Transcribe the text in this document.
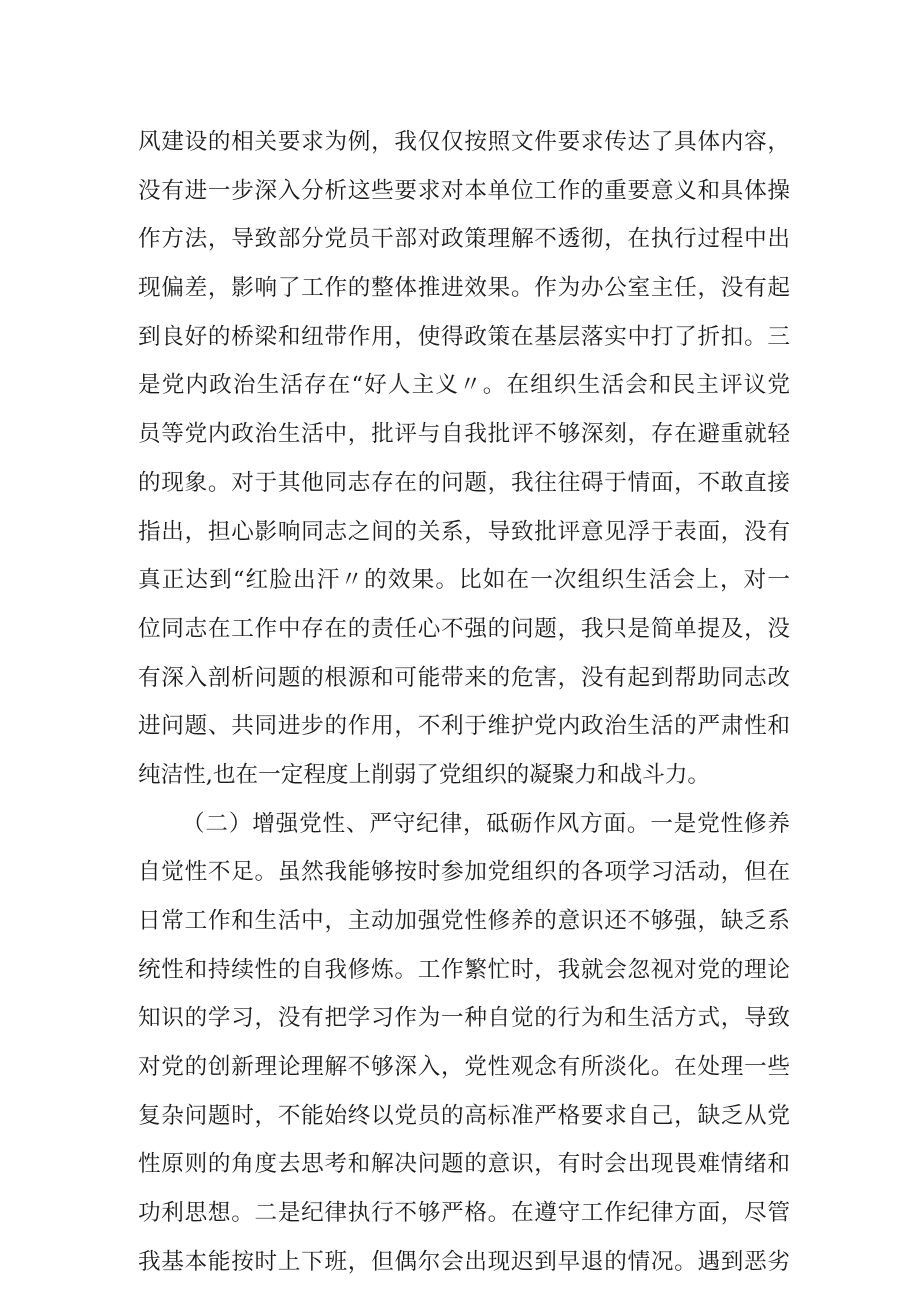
风建设的相关要求为例，我仅仅按照文件要求传达了具体内容，
没有进一步深入分析这些要求对本单位工作的重要意义和具体操
作方法，导致部分党员干部对政策理解不透彻，在执行过程中出
现偏差，影响了工作的整体推进效果。作为办公室主任，没有起
到良好的桥梁和纽带作用，使得政策在基层落实中打了折扣。三
是党内政治生活存在“好人主义〃。在组织生活会和民主评议党
员等党内政治生活中，批评与自我批评不够深刻，存在避重就轻
的现象。对于其他同志存在的问题，我往往碍于情面，不敢直接
指出，担心影响同志之间的关系，导致批评意见浮于表面，没有
真正达到“红脸出汗〃的效果。比如在一次组织生活会上，对一
位同志在工作中存在的责任心不强的问题，我只是简单提及，没
有深入剖析问题的根源和可能带来的危害，没有起到帮助同志改
进问题、共同进步的作用，不利于维护党内政治生活的严肃性和
纯洁性,也在一定程度上削弱了党组织的凝聚力和战斗力。
（二）增强党性、严守纪律，砥砺作风方面。一是党性修养
自觉性不足。虽然我能够按时参加党组织的各项学习活动，但在
日常工作和生活中，主动加强党性修养的意识还不够强，缺乏系
统性和持续性的自我修炼。工作繁忙时，我就会忽视对党的理论
知识的学习，没有把学习作为一种自觉的行为和生活方式，导致
对党的创新理论理解不够深入，党性观念有所淡化。在处理一些
复杂问题时，不能始终以党员的高标准严格要求自己，缺乏从党
性原则的角度去思考和解决问题的意识，有时会出现畏难情绪和
功利思想。二是纪律执行不够严格。在遵守工作纪律方面，尽管
我基本能按时上下班，但偶尔会出现迟到早退的情况。遇到恶劣
